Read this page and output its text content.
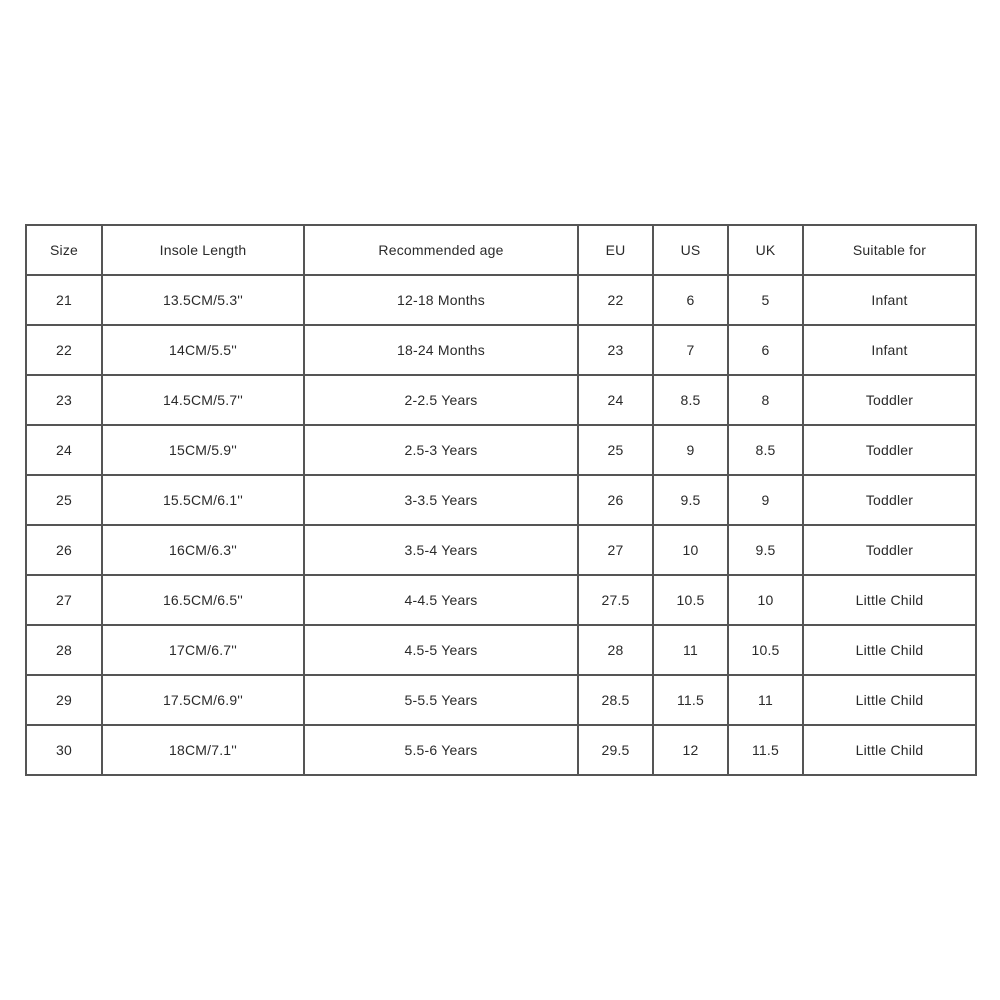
Size	Insole Length	Recommended age	EU	US	UK	Suitable for
21	13.5CM/5.3''	12-18 Months	22	6	5	Infant
22	14CM/5.5''	18-24 Months	23	7	6	Infant
23	14.5CM/5.7''	2-2.5 Years	24	8.5	8	Toddler
24	15CM/5.9''	2.5-3 Years	25	9	8.5	Toddler
25	15.5CM/6.1''	3-3.5 Years	26	9.5	9	Toddler
26	16CM/6.3''	3.5-4 Years	27	10	9.5	Toddler
27	16.5CM/6.5''	4-4.5 Years	27.5	10.5	10	Little Child
28	17CM/6.7''	4.5-5 Years	28	11	10.5	Little Child
29	17.5CM/6.9''	5-5.5 Years	28.5	11.5	11	Little Child
30	18CM/7.1''	5.5-6 Years	29.5	12	11.5	Little Child
